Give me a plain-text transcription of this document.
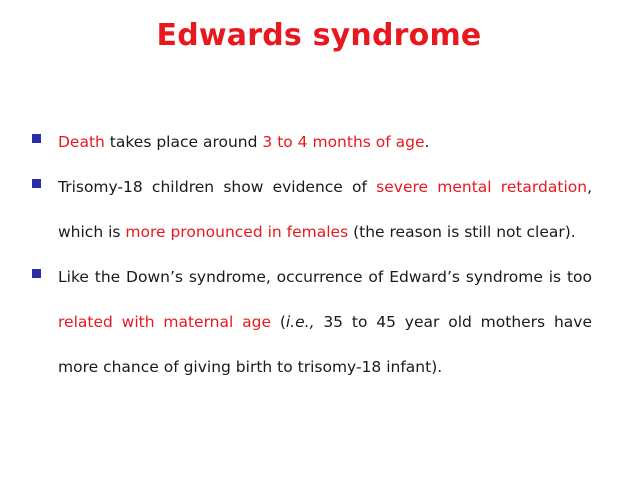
Edwards syndrome
Death takes place around 3 to 4 months of age.
Trisomy-18 children show evidence of severe mental retardation,
which is more pronounced in females (the reason is still not clear).
Like the Down’s syndrome, occurrence of Edward’s syndrome is too
related with maternal age (i.e., 35 to 45 year old mothers have
more chance of giving birth to trisomy-18 infant).
